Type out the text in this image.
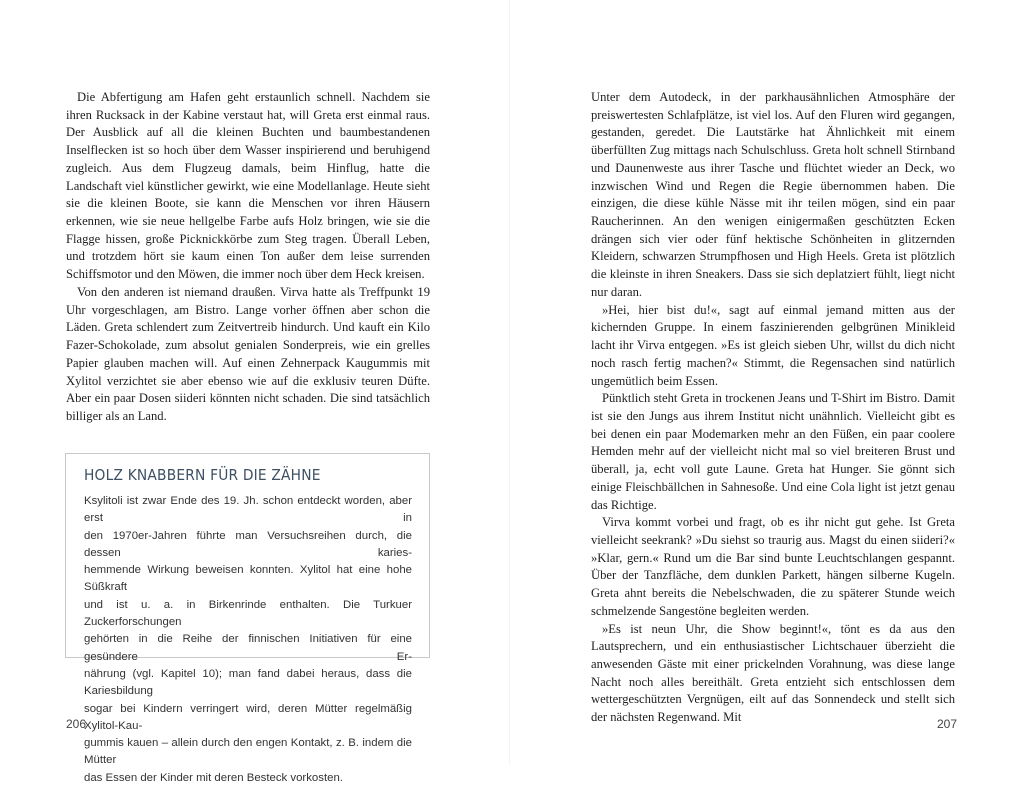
Die Abfertigung am Hafen geht erstaunlich schnell. Nachdem sie ihren Rucksack in der Kabine verstaut hat, will Greta erst einmal raus. Der Ausblick auf all die kleinen Buchten und baumbestandenen Inselflecken ist so hoch über dem Wasser inspirierend und beruhigend zugleich. Aus dem Flugzeug damals, beim Hinflug, hatte die Landschaft viel künstlicher gewirkt, wie eine Modellanlage. Heute sieht sie die kleinen Boote, sie kann die Menschen vor ihren Häusern erkennen, wie sie neue hellgelbe Farbe aufs Holz bringen, wie sie die Flagge hissen, große Picknickkörbe zum Steg tragen. Überall Leben, und trotzdem hört sie kaum einen Ton außer dem leise surrenden Schiffsmotor und den Möwen, die immer noch über dem Heck kreisen.

Von den anderen ist niemand draußen. Virva hatte als Treffpunkt 19 Uhr vorgeschlagen, am Bistro. Lange vorher öffnen aber schon die Läden. Greta schlendert zum Zeitvertreib hindurch. Und kauft ein Kilo Fazer-Schokolade, zum absolut genialen Sonderpreis, wie ein grelles Papier glauben machen will. Auf einen Zehnerpack Kaugummis mit Xylitol verzichtet sie aber ebenso wie auf die exklusiv teuren Düfte. Aber ein paar Dosen siideri könnten nicht schaden. Die sind tatsächlich billiger als an Land.

HOLZ KNABBERN FÜR DIE ZÄHNE
Ksylitoli ist zwar Ende des 19. Jh. schon entdeckt worden, aber erst in
den 1970er-Jahren führte man Versuchsreihen durch, die dessen karies-
hemmende Wirkung beweisen konnten. Xylitol hat eine hohe Süßkraft
und ist u. a. in Birkenrinde enthalten. Die Turkuer Zuckerforschungen
gehörten in die Reihe der finnischen Initiativen für eine gesündere Er-
nährung (vgl. Kapitel 10); man fand dabei heraus, dass die Kariesbildung
sogar bei Kindern verringert wird, deren Mütter regelmäßig Xylitol-Kau-
gummis kauen – allein durch den engen Kontakt, z. B. indem die Mütter
das Essen der Kinder mit deren Besteck vorkosten.

Unter dem Autodeck, in der parkhausähnlichen Atmosphäre der preiswertesten Schlafplätze, ist viel los. Auf den Fluren wird gegangen, gestanden, geredet. Die Lautstärke hat Ähnlichkeit mit einem überfüllten Zug mittags nach Schulschluss. Greta holt schnell Stirnband und Daunenweste aus ihrer Tasche und flüchtet wieder an Deck, wo inzwischen Wind und Regen die Regie übernommen haben. Die einzigen, die diese kühle Nässe mit ihr teilen mögen, sind ein paar Raucherinnen. An den wenigen einigermaßen geschützten Ecken drängen sich vier oder fünf hektische Schönheiten in glitzernden Kleidern, schwarzen Strumpfhosen und High Heels. Greta ist plötzlich die kleinste in ihren Sneakers. Dass sie sich deplatziert fühlt, liegt nicht nur daran.

»Hei, hier bist du!«, sagt auf einmal jemand mitten aus der kichernden Gruppe. In einem faszinierenden gelbgrünen Minikleid lacht ihr Virva entgegen. »Es ist gleich sieben Uhr, willst du dich nicht noch rasch fertig machen?« Stimmt, die Regensachen sind natürlich ungemütlich beim Essen.

Pünktlich steht Greta in trockenen Jeans und T-Shirt im Bistro. Damit ist sie den Jungs aus ihrem Institut nicht unähnlich. Vielleicht gibt es bei denen ein paar Modemarken mehr an den Füßen, ein paar coolere Hemden mehr auf der vielleicht nicht mal so viel breiteren Brust und überall, ja, echt voll gute Laune. Greta hat Hunger. Sie gönnt sich einige Fleischbällchen in Sahnesoße. Und eine Cola light ist jetzt genau das Richtige.

Virva kommt vorbei und fragt, ob es ihr nicht gut gehe. Ist Greta vielleicht seekrank? »Du siehst so traurig aus. Magst du einen siideri?« »Klar, gern.« Rund um die Bar sind bunte Leuchtschlangen gespannt. Über der Tanzfläche, dem dunklen Parkett, hängen silberne Kugeln. Greta ahnt bereits die Nebelschwaden, die zu späterer Stunde weich schmelzende Sangestöne begleiten werden.

»Es ist neun Uhr, die Show beginnt!«, tönt es da aus den Lautsprechern, und ein enthusiastischer Lichtschauer überzieht die anwesenden Gäste mit einer prickelnden Vorahnung, was diese lange Nacht noch alles bereithält. Greta entzieht sich entschlossen dem wettergeschützten Vergnügen, eilt auf das Sonnendeck und stellt sich der nächsten Regenwand. Mit

206	207
